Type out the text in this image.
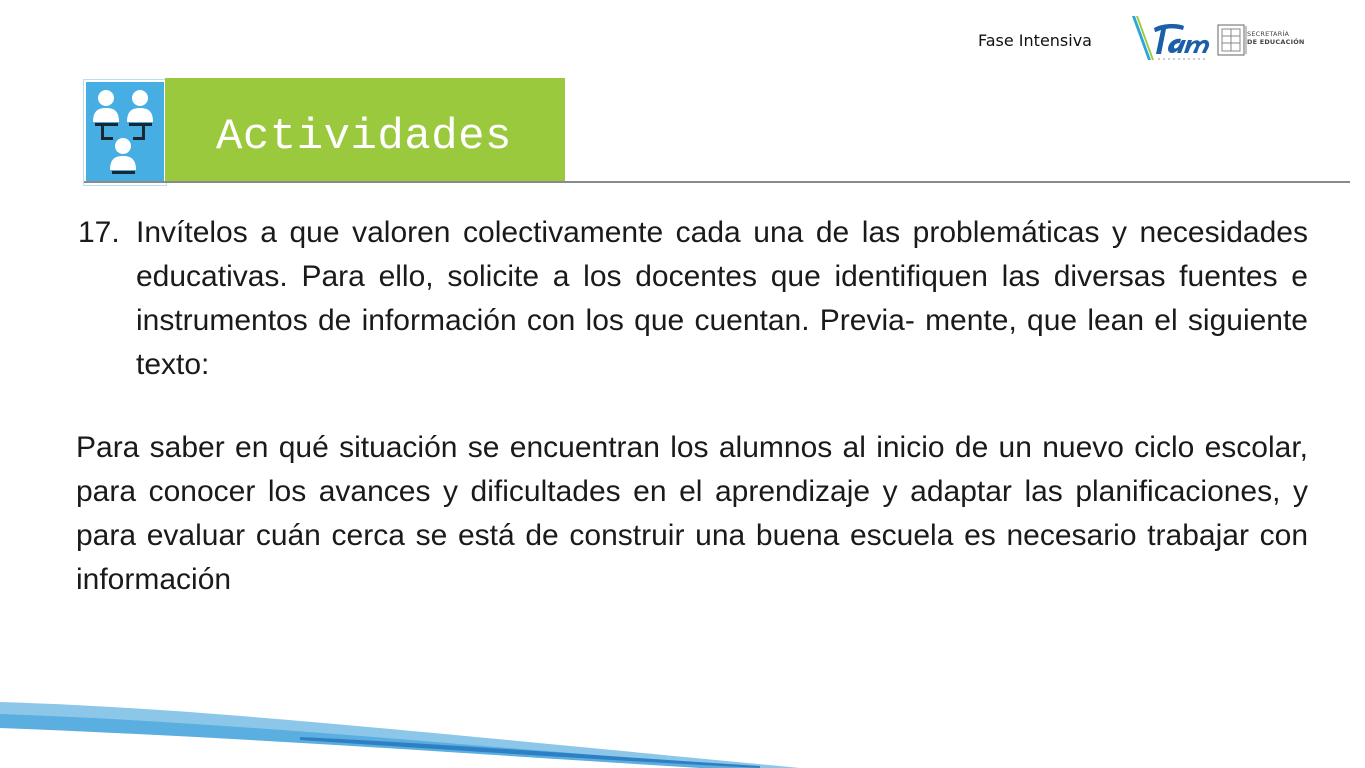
Fase Intensiva	SECRETARÍA
DE EDUCACIÓN
Actividades
17. Invítelos a que valoren colectivamente cada una de las problemáticas y necesidades educativas. Para ello, solicite a los docentes que identifiquen las diversas fuentes e instrumentos de información con los que cuentan. Previa- mente, que lean el siguiente texto:
Para saber en qué situación se encuentran los alumnos al inicio de un nuevo ciclo escolar, para conocer los avances y dificultades en el aprendizaje y adaptar las planificaciones, y para evaluar cuán cerca se está de construir una buena escuela es necesario trabajar con información
